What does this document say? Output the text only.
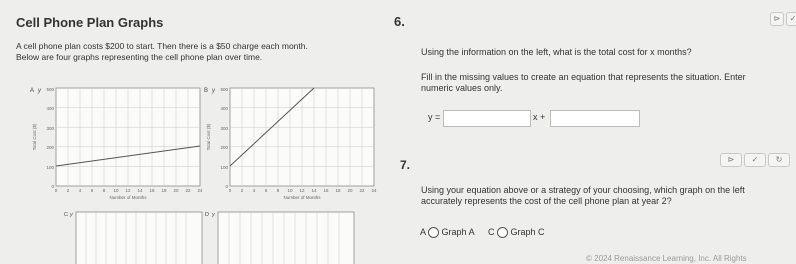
Cell Phone Plan Graphs
A cell phone plan costs $200 to start. Then there is a $50 charge each month.
Below are four graphs representing the cell phone plan over time.
A y 500
400
300
200
100
0
0 2 4 6 8 10 12 14 16 18 20 22 24
Number of Months
Total Cost ($)
B y 500
400
300
200
100
0
0 2 4 6 8 10 12 14 16 18 20 22 24
Number of Months
Total Cost ($)
C y	D y
6.	⊳	✓
Using the information on the left, what is the total cost for x months?
Fill in the missing values to create an equation that represents the situation. Enter
numeric values only.
y =	x +
7.	⊳	✓	↻
Using your equation above or a strategy of your choosing, which graph on the left
accurately represents the cost of the cell phone plan at year 2?
A Graph A C Graph C
© 2024 Renaissance Learning, Inc. All Rights
